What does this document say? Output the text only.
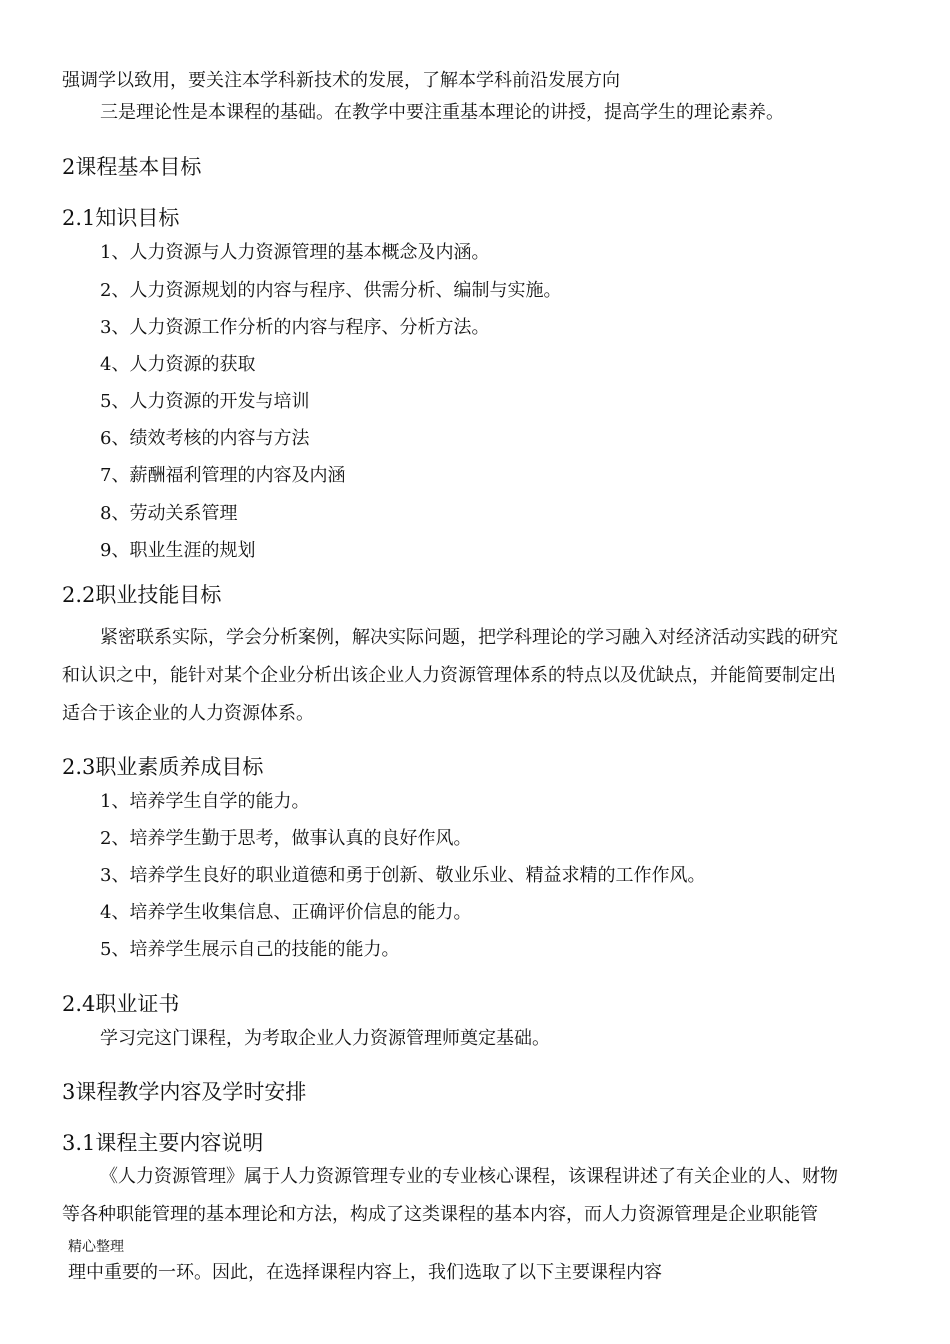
强调学以致用，要关注本学科新技术的发展，了解本学科前沿发展方向
三是理论性是本课程的基础。在教学中要注重基本理论的讲授，提高学生的理论素养。
2课程基本目标
2.1知识目标
1、人力资源与人力资源管理的基本概念及内涵。
2、人力资源规划的内容与程序、供需分析、编制与实施。
3、人力资源工作分析的内容与程序、分析方法。
4、人力资源的获取
5、人力资源的开发与培训
6、绩效考核的内容与方法
7、薪酬福利管理的内容及内涵
8、劳动关系管理
9、职业生涯的规划
2.2职业技能目标
紧密联系实际，学会分析案例，解决实际问题，把学科理论的学习融入对经济活动实践的研究
和认识之中，能针对某个企业分析出该企业人力资源管理体系的特点以及优缺点，并能简要制定出
适合于该企业的人力资源体系。
2.3职业素质养成目标
1、培养学生自学的能力。
2、培养学生勤于思考，做事认真的良好作风。
3、培养学生良好的职业道德和勇于创新、敬业乐业、精益求精的工作作风。
4、培养学生收集信息、正确评价信息的能力。
5、培养学生展示自己的技能的能力。
2.4职业证书
学习完这门课程，为考取企业人力资源管理师奠定基础。
3课程教学内容及学时安排
3.1课程主要内容说明
《人力资源管理》属于人力资源管理专业的专业核心课程，该课程讲述了有关企业的人、财物
等各种职能管理的基本理论和方法，构成了这类课程的基本内容，而人力资源管理是企业职能管
精心整理
理中重要的一环。因此，在选择课程内容上，我们选取了以下主要课程内容
